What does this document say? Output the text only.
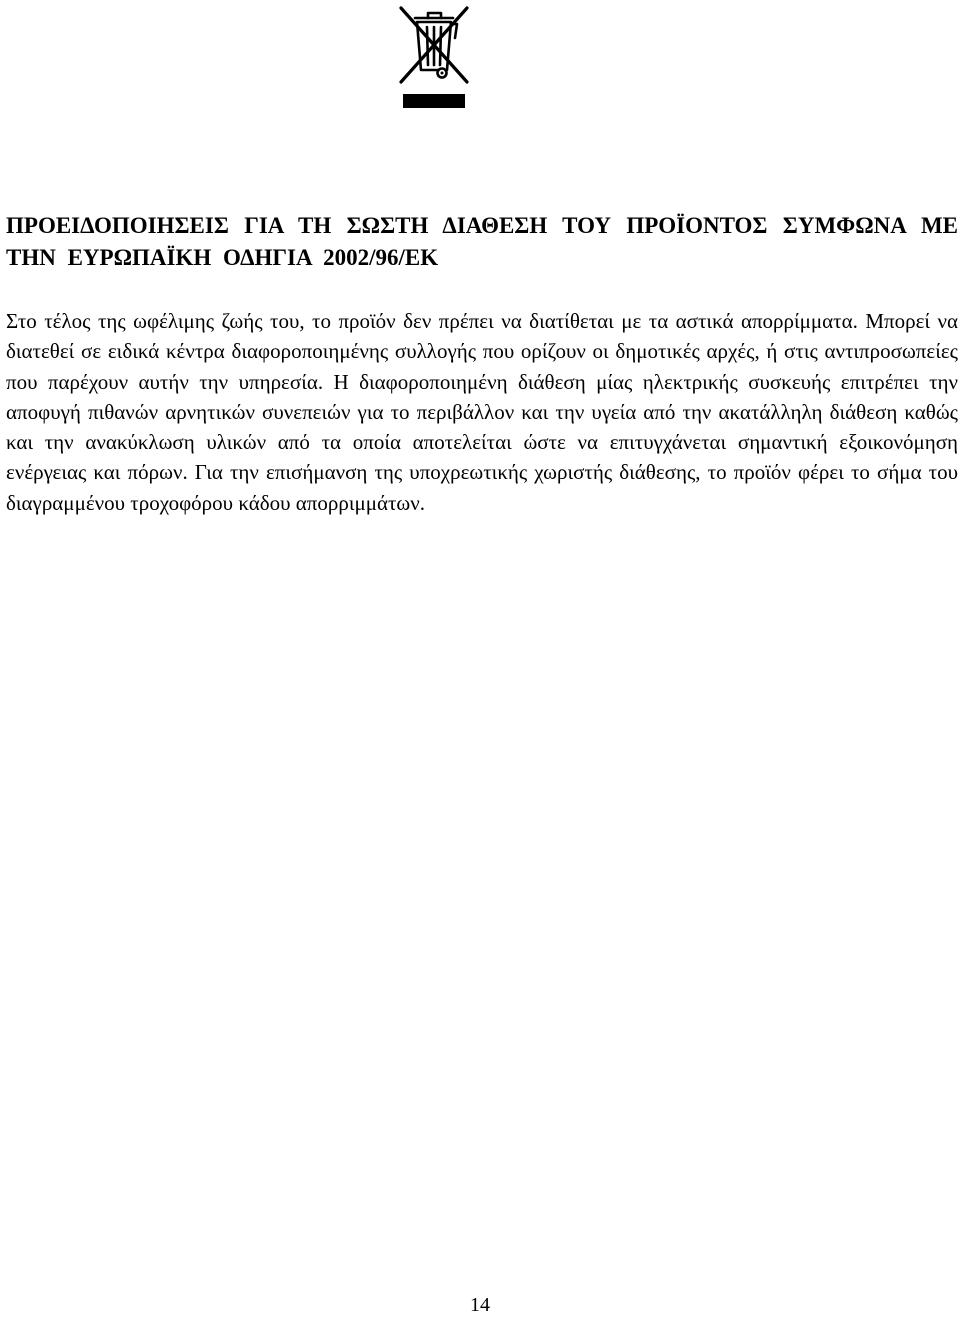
ΠΡΟΕΙΔΟΠΟΙΗΣΕΙΣ ΓΙΑ ΤΗ ΣΩΣΤΗ ΔΙΑΘΕΣΗ ΤΟΥ ΠΡΟΪΟΝΤΟΣ ΣΥΜΦΩΝΑ ΜΕ ΤΗΝ ΕΥΡΩΠΑΪΚΗ ΟΔΗΓΙΑ 2002/96/ΕΚ

Στο τέλος της ωφέλιμης ζωής του, το προϊόν δεν πρέπει να διατίθεται με τα αστικά απορρίμματα. Μπορεί να διατεθεί σε ειδικά κέντρα διαφοροποιημένης συλλογής που ορίζουν οι δημοτικές αρχές, ή στις αντιπροσωπείες που παρέχουν αυτήν την υπηρεσία. Η διαφοροποιημένη διάθεση μίας ηλεκτρικής συσκευής επιτρέπει την αποφυγή πιθανών αρνητικών συνεπειών για το περιβάλλον και την υγεία από την ακατάλληλη διάθεση καθώς και την ανακύκλωση υλικών από τα οποία αποτελείται ώστε να επιτυγχάνεται σημαντική εξοικονόμηση ενέργειας και πόρων. Για την επισήμανση της υποχρεωτικής χωριστής διάθεσης, το προϊόν φέρει το σήμα του διαγραμμένου τροχοφόρου κάδου απορριμμάτων.

14
